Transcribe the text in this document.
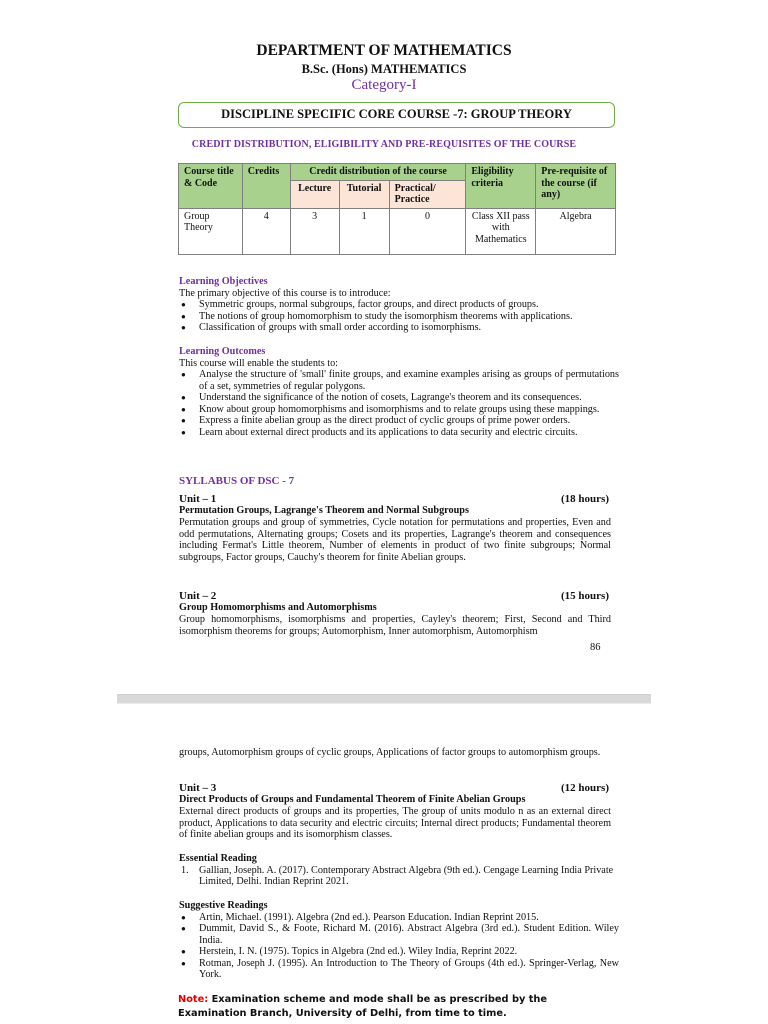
DEPARTMENT OF MATHEMATICS
B.Sc. (Hons) MATHEMATICS
Category-I
DISCIPLINE SPECIFIC CORE COURSE -7: GROUP THEORY
CREDIT DISTRIBUTION, ELIGIBILITY AND PRE-REQUISITES OF THE COURSE
Course title & Code	Credits	Credit distribution of the course			Eligibility criteria	Pre-requisite of the course (if any)
		Lecture	Tutorial	Practical/ Practice		
Group Theory	4	3	1	0	Class XII pass with Mathematics	Algebra
Learning Objectives
The primary objective of this course is to introduce:
● Symmetric groups, normal subgroups, factor groups, and direct products of groups.
● The notions of group homomorphism to study the isomorphism theorems with applications.
● Classification of groups with small order according to isomorphisms.
Learning Outcomes
This course will enable the students to:
● Analyse the structure of 'small' finite groups, and examine examples arising as groups of permutations of a set, symmetries of regular polygons.
● Understand the significance of the notion of cosets, Lagrange's theorem and its consequences.
● Know about group homomorphisms and isomorphisms and to relate groups using these mappings.
● Express a finite abelian group as the direct product of cyclic groups of prime power orders.
● Learn about external direct products and its applications to data security and electric circuits.
SYLLABUS OF DSC - 7
Unit – 1	(18 hours)
Permutation Groups, Lagrange's Theorem and Normal Subgroups
Permutation groups and group of symmetries, Cycle notation for permutations and properties, Even and odd permutations, Alternating groups; Cosets and its properties, Lagrange's theorem and consequences including Fermat's Little theorem, Number of elements in product of two finite subgroups; Normal subgroups, Factor groups, Cauchy's theorem for finite Abelian groups.
Unit – 2	(15 hours)
Group Homomorphisms and Automorphisms
Group homomorphisms, isomorphisms and properties, Cayley's theorem; First, Second and Third isomorphism theorems for groups; Automorphism, Inner automorphism, Automorphism
86
groups, Automorphism groups of cyclic groups, Applications of factor groups to automorphism groups.
Unit – 3	(12 hours)
Direct Products of Groups and Fundamental Theorem of Finite Abelian Groups
External direct products of groups and its properties, The group of units modulo n as an external direct product, Applications to data security and electric circuits; Internal direct products; Fundamental theorem of finite abelian groups and its isomorphism classes.
Essential Reading
1. Gallian, Joseph. A. (2017). Contemporary Abstract Algebra (9th ed.). Cengage Learning India Private Limited, Delhi. Indian Reprint 2021.
Suggestive Readings
● Artin, Michael. (1991). Algebra (2nd ed.). Pearson Education. Indian Reprint 2015.
● Dummit, David S., & Foote, Richard M. (2016). Abstract Algebra (3rd ed.). Student Edition. Wiley India.
● Herstein, I. N. (1975). Topics in Algebra (2nd ed.). Wiley India, Reprint 2022.
● Rotman, Joseph J. (1995). An Introduction to The Theory of Groups (4th ed.). Springer-Verlag, New York.
Note: Examination scheme and mode shall be as prescribed by the Examination Branch, University of Delhi, from time to time.
